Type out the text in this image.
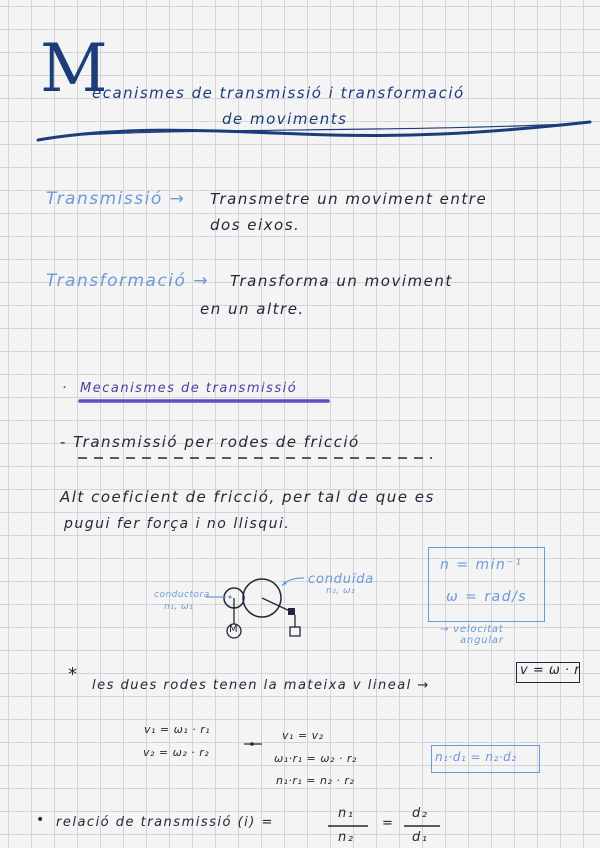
M
ecanismes de transmissió i transformació
de moviments
Transmissió → Transmetre un moviment entre
dos eixos.
Transformació → Transforma un moviment
en un altre.
· Mecanismes de transmissió
- Transmissió per rodes de fricció
Alt coeficient de fricció, per tal de que es
pugui fer força i no llisqui.
conductora
n₁, ω₁
conduïda
n₂, ω₂
M
n = min⁻¹
ω = rad/s
→ velocitat
angular
*
les dues rodes tenen la mateixa v lineal →
v = ω · r
v₁ = ω₁ · r₁
v₂ = ω₂ · r₂
v₁ = v₂
ω₁·r₁ = ω₂ · r₂
n₁·r₁ = n₂ · r₂
n₁·d₁ = n₂·d₂
• relació de transmissió (i) =
n₁
n₂
=
d₂
d₁
